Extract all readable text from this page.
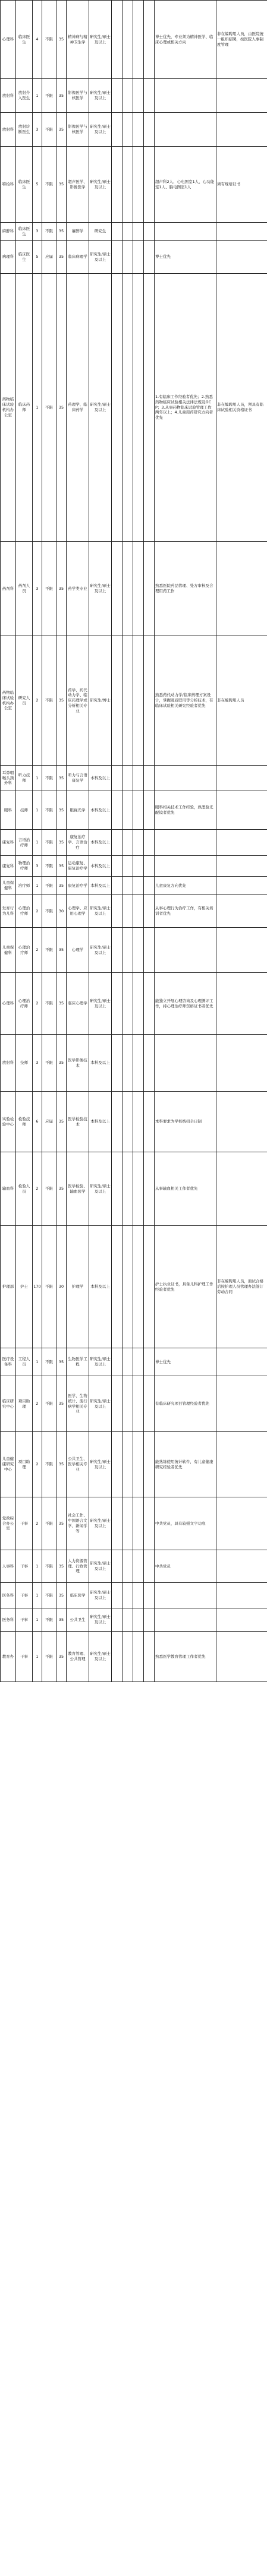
心理科	临床医生	4	不限	35	精神病与精神卫生学	研究生/硕士及以上					博士优先，专业须为精神医学、临床心理或相关方向	非在编聘用人员，由医院统一组织招聘，按医院人事制度管理
放射科	放射介入医生	1	不限	35	影像医学与核医学	研究生/硕士及以上						
放射科	放射诊断医生	3	不限	35	影像医学与核医学	研究生/硕士及以上						
特检科	临床医生	5	不限	35	超声医学、影像医学	研究生/硕士及以上					超声科2人、心电图室1人、心功能室1人、脑电图室1人	须有规培证书
麻醉科	临床医生	3	不限	35	麻醉学	研究生						
病理科	临床医生	5	应届	35	临床病理学	研究生/硕士及以上					博士优先	
药物临床试验机构办公室	临床药师	1	不限	35	药理学、临床药学	研究生/硕士及以上					1.有临床工作经验者优先；2.熟悉药物临床试验相关法律法规及GCP；3.从事药物临床试验管理工作两年以上；4.儿童用药研究方向者优先	非在编聘用人员，须具有临床试验相关资格证书
药剂科	药剂人员	3	不限	35	药学类专业	研究生/硕士及以上					熟悉医院药品管理、处方审核及合理用药工作	
药物临床试验机构办公室	研究人员	2	不限	35	药学、药代动力学、临床药理学或分析相关专业	研究生/博士					熟悉药代动力学/临床药理方案设计，掌握液质联用等分析技术，有临床试验相关研究经验者优先	非在编聘用人员
耳鼻咽喉头颈外科	听力技师	1	不限	35	听力与言语康复学	本科及以上						
眼科	技师	1	不限	35	眼视光学	本科及以上					眼科相关技术工作经验，熟悉验光配镜者优先	
康复科	言语治疗师	1	不限	35	康复治疗学、言语治疗	本科及以上						
康复科	物理治疗师	3	不限	35	运动康复、康复治疗学	本科及以上						
儿童保健科	治疗师	1	不限	35	康复治疗学	本科及以上					儿童康复方向优先	
发育行为儿科	心理治疗师	2	不限	30	心理学、应用心理学	研究生/硕士及以上					从事心理行为治疗工作，有相关培训者优先	
儿童保健科	心理治疗师	2	不限	35	心理学	研究生/硕士及以上						
心理科	心理治疗师	2	不限	35	临床心理学	研究生/硕士及以上					能独立开展心理咨询及心理测评工作，持心理治疗师资格证书者优先	
放射科	技师	3	不限	35	医学影像技术	本科及以上						
实验检验中心	检验技师	6	应届	35	医学检验技术	本科及以上					本科要求为学校统招全日制	
输血科	检验人员	2	不限	35	医学检验、输血医学	研究生/硕士及以上					从事输血相关工作者优先	
护理部	护士	170	不限	30	护理学	本科及以上					护士执业证书，具备儿科护理工作经验者优先	非在编聘用人员，面试合格后按护理人员管理办法签订劳动合同
医疗设备科	工程人员	1	不限	35	生物医学工程	研究生/硕士及以上					博士优先	
临床研究中心	项目助理	2	不限	35	医学、生物统计、流行病学相关专业	研究生/硕士及以上					有临床研究项目管理经验者优先	
儿童健康研究中心	项目助理	2	不限	35	公共卫生、医学相关专业	研究生/硕士及以上					能熟练使用统计软件，有儿童健康研究经验者优先	
党政综合办公室	干事	2	不限	35	社会工作、中国语言文学、新闻学等	研究生/硕士及以上					中共党员，具有较强文字功底	
人事科	干事	1	不限	35	人力资源管理、行政管理	研究生/硕士及以上					中共党员	
医务科	干事	1	不限	35	临床医学	研究生/硕士及以上						
医务科	干事	1	不限	35	公共卫生	研究生/硕士及以上						
教育办	干事	1	不限	35	教育管理、公共管理	研究生/硕士及以上					熟悉医学教育管理工作者优先	
